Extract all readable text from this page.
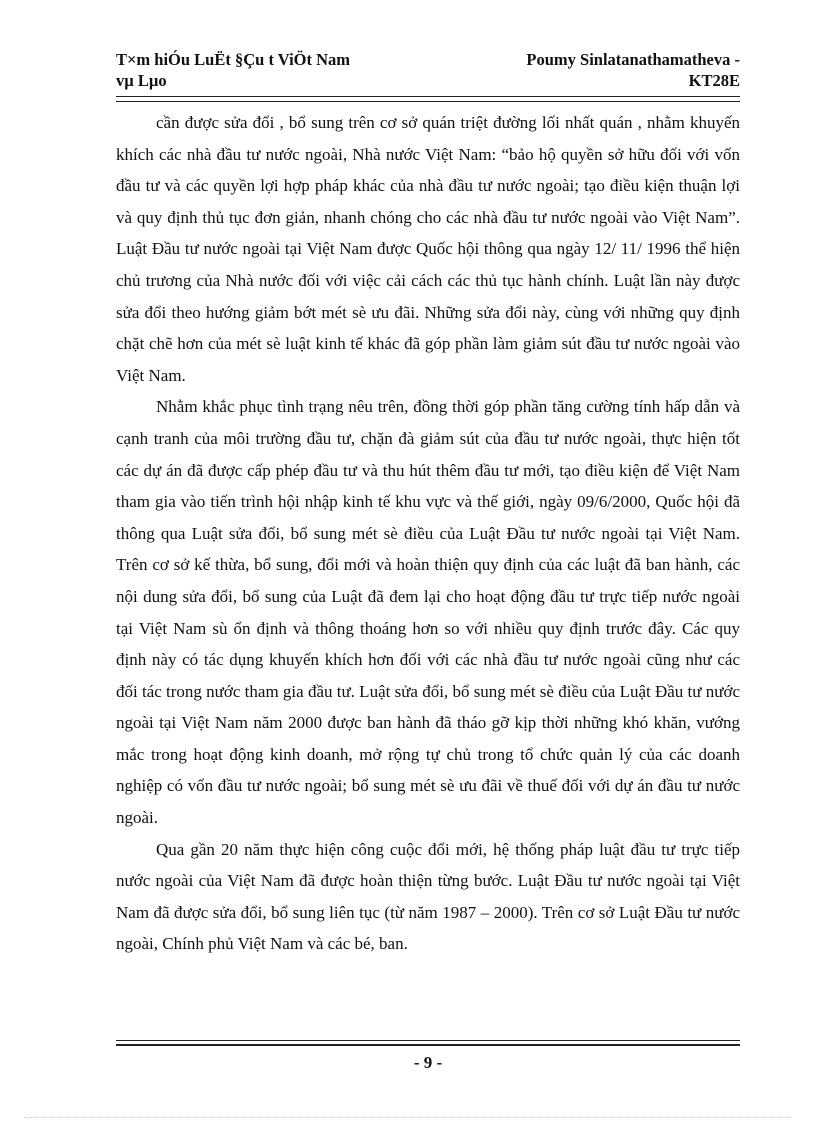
T×m hiÓu LuËt §Çu t ViÖt Nam
vµ Lµo
Poumy Sinlatanathamatheva -
KT28E

cần được sửa đổi , bổ sung trên cơ sở quán triệt đường lối nhất quán , nhằm khuyến khích các nhà đầu tư nước ngoài, Nhà nước Việt Nam: “bảo hộ quyền sở hữu đối với vốn đầu tư và các quyền lợi hợp pháp khác của nhà đầu tư nước ngoài; tạo điều kiện thuận lợi và quy định thủ tục đơn giản, nhanh chóng cho các nhà đầu tư nước ngoài vào Việt Nam”. Luật Đầu tư nước ngoài tại Việt Nam được Quốc hội thông qua ngày 12/ 11/ 1996 thể hiện chủ trương của Nhà nước đối với việc cải cách các thủ tục hành chính. Luật lần này được sửa đổi theo hướng giảm bớt mét sè ưu đãi. Những sửa đổi này, cùng với những quy định chặt chẽ hơn của mét sè luật kinh tế khác đã góp phần làm giảm sút đầu tư nước ngoài vào Việt Nam.

Nhằm khắc phục tình trạng nêu trên, đồng thời góp phần tăng cường tính hấp dẫn và cạnh tranh của môi trường đầu tư, chặn đà giảm sút của đầu tư nước ngoài, thực hiện tốt các dự án đã được cấp phép đầu tư và thu hút thêm đầu tư mới, tạo điều kiện để Việt Nam tham gia vào tiến trình hội nhập kinh tế khu vực và thế giới, ngày 09/6/2000, Quốc hội đã thông qua Luật sửa đổi, bổ sung mét sè điều của Luật Đầu tư nước ngoài tại Việt Nam. Trên cơ sở kế thừa, bổ sung, đổi mới và hoàn thiện quy định của các luật đã ban hành, các nội dung sửa đổi, bổ sung của Luật đã đem lại cho hoạt động đầu tư trực tiếp nước ngoài tại Việt Nam sù ổn định và thông thoáng hơn so với nhiều quy định trước đây. Các quy định này có tác dụng khuyến khích hơn đối với các nhà đầu tư nước ngoài cũng như các đối tác trong nước tham gia đầu tư. Luật sửa đổi, bổ sung mét sè điều của Luật Đầu tư nước ngoài tại Việt Nam năm 2000 được ban hành đã tháo gỡ kịp thời những khó khăn, vướng mắc trong hoạt động kinh doanh, mở rộng tự chủ trong tổ chức quản lý của các doanh nghiệp có vốn đầu tư nước ngoài; bổ sung mét sè ưu đãi về thuế đối với dự án đầu tư nước ngoài.

Qua gần 20 năm thực hiện công cuộc đổi mới, hệ thống pháp luật đầu tư trực tiếp nước ngoài của Việt Nam đã được hoàn thiện từng bước. Luật Đầu tư nước ngoài tại Việt Nam đã được sửa đổi, bổ sung liên tục (từ năm 1987 – 2000). Trên cơ sở Luật Đầu tư nước ngoài, Chính phủ Việt Nam và các bé, ban.

- 9 -
